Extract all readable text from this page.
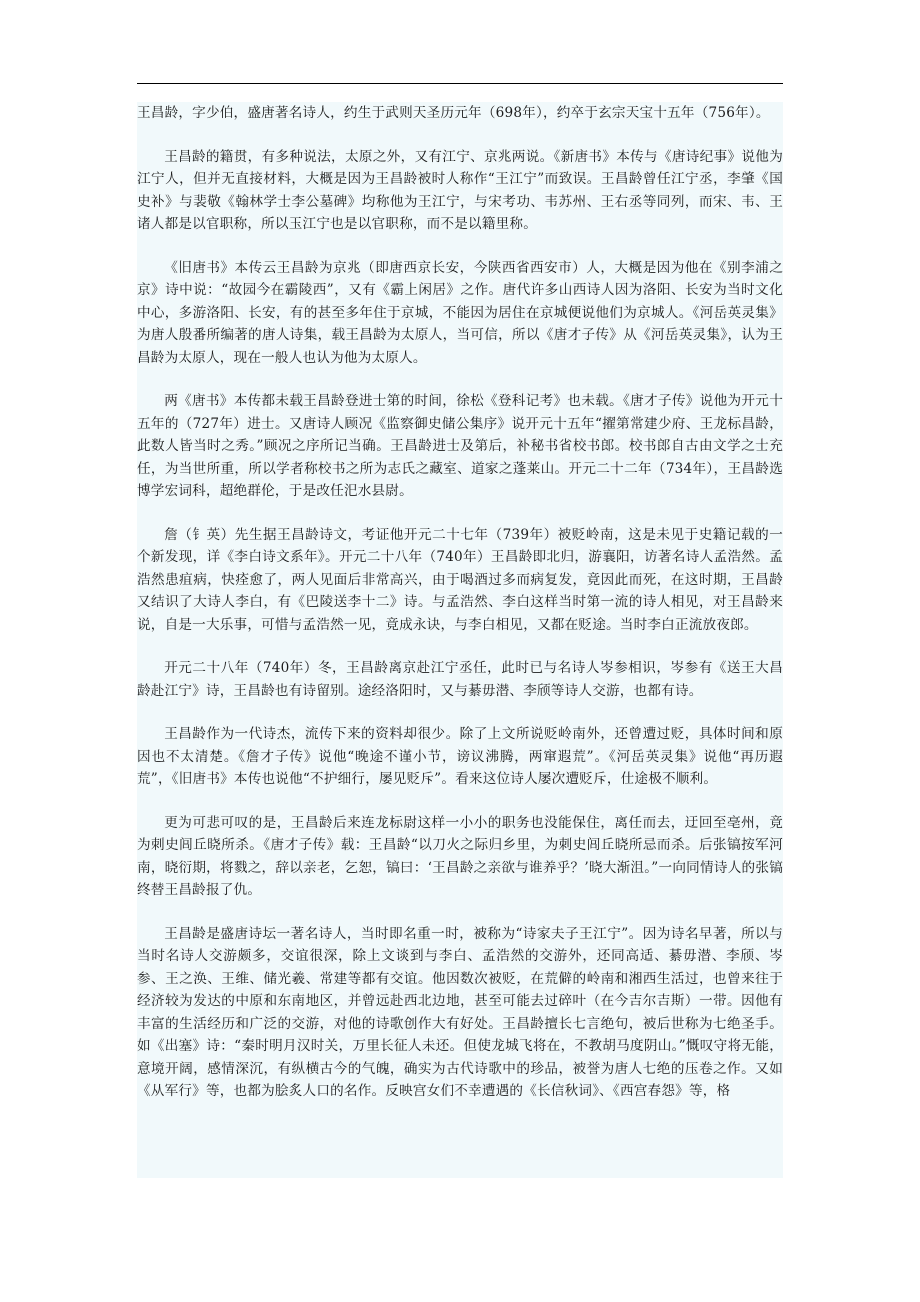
王昌龄，字少伯，盛唐著名诗人，约生于武则天圣历元年（698年），约卒于玄宗天宝十五年（756年）。

王昌龄的籍贯，有多种说法，太原之外，又有江宁、京兆两说。《新唐书》本传与《唐诗纪事》说他为江宁人，但并无直接材料，大概是因为王昌龄被时人称作“王江宁”而致误。王昌龄曾任江宁丞，李肇《国史补》与裴敬《翰林学士李公墓碑》均称他为王江宁，与宋考功、韦苏州、王右丞等同列，而宋、韦、王诸人都是以官职称，所以玉江宁也是以官职称，而不是以籍里称。

《旧唐书》本传云王昌龄为京兆（即唐西京长安，今陕西省西安市）人，大概是因为他在《别李浦之京》诗中说：“故园今在霸陵西”，又有《霸上闲居》之作。唐代许多山西诗人因为洛阳、长安为当时文化中心，多游洛阳、长安，有的甚至多年住于京城，不能因为居住在京城便说他们为京城人。《河岳英灵集》为唐人殷番所编著的唐人诗集，载王昌龄为太原人，当可信，所以《唐才子传》从《河岳英灵集》，认为王昌龄为太原人，现在一般人也认为他为太原人。

两《唐书》本传都未载王昌龄登进士第的时间，徐松《登科记考》也未载。《唐才子传》说他为开元十五年的（727年）进士。又唐诗人顾况《监察御史储公集序》说开元十五年“擢第常建少府、王龙标昌龄，此数人皆当时之秀。”顾况之序所记当确。王昌龄进士及第后，补秘书省校书郎。校书郎自古由文学之士充任，为当世所重，所以学者称校书之所为志氏之藏室、道家之蓬莱山。开元二十二年（734年），王昌龄选博学宏词科，超绝群伦，于是改任汜水县尉。

詹（钅英）先生据王昌龄诗文，考证他开元二十七年（739年）被贬岭南，这是未见于史籍记载的一个新发现，详《李白诗文系年》。开元二十八年（740年）王昌龄即北归，游襄阳，访著名诗人孟浩然。孟浩然患疽病，快痊愈了，两人见面后非常高兴，由于喝酒过多而病复发，竟因此而死，在这时期，王昌龄又结识了大诗人李白，有《巴陵送李十二》诗。与孟浩然、李白这样当时第一流的诗人相见，对王昌龄来说，自是一大乐事，可惜与孟浩然一见，竟成永诀，与李白相见，又都在贬途。当时李白正流放夜郎。

开元二十八年（740年）冬，王昌龄离京赴江宁丞任，此时已与名诗人岑参相识，岑参有《送王大昌龄赴江宁》诗，王昌龄也有诗留别。途经洛阳时，又与綦毋潜、李颀等诗人交游，也都有诗。

王昌龄作为一代诗杰，流传下来的资料却很少。除了上文所说贬岭南外，还曾遭过贬，具体时间和原因也不太清楚。《詹才子传》说他“晚途不谨小节，谤议沸腾，两窜遐荒”。《河岳英灵集》说他“再历遐荒”，《旧唐书》本传也说他“不护细行，屡见贬斥”。看来这位诗人屡次遭贬斥，仕途极不顺利。

更为可悲可叹的是，王昌龄后来连龙标尉这样一小小的职务也没能保住，离任而去，迂回至亳州，竟为刺史闾丘晓所杀。《唐才子传》载：王昌龄“以刀火之际归乡里，为刺史闾丘晓所忌而杀。后张镐按军河南，晓衍期，将戮之，辞以亲老，乞恕，镐曰：‘王昌龄之亲欲与谁养乎？’晓大渐沮。”一向同情诗人的张镐终替王昌龄报了仇。

王昌龄是盛唐诗坛一著名诗人，当时即名重一时，被称为“诗家夫子王江宁”。因为诗名早著，所以与当时名诗人交游颇多，交谊很深，除上文谈到与李白、孟浩然的交游外，还同高适、綦毋潜、李颀、岑参、王之涣、王维、储光羲、常建等都有交谊。他因数次被贬，在荒僻的岭南和湘西生活过，也曾来往于经济较为发达的中原和东南地区，并曾远赴西北边地，甚至可能去过碎叶（在今吉尔吉斯）一带。因他有丰富的生活经历和广泛的交游，对他的诗歌创作大有好处。王昌龄擅长七言绝句，被后世称为七绝圣手。如《出塞》诗：“秦时明月汉时关，万里长征人未还。但使龙城飞将在，不教胡马度阴山。”慨叹守将无能，意境开阔，感情深沉，有纵横古今的气魄，确实为古代诗歌中的珍品，被誉为唐人七绝的压卷之作。又如《从军行》等，也都为脍炙人口的名作。反映宫女们不幸遭遇的《长信秋词》、《西宫春怨》等，格
